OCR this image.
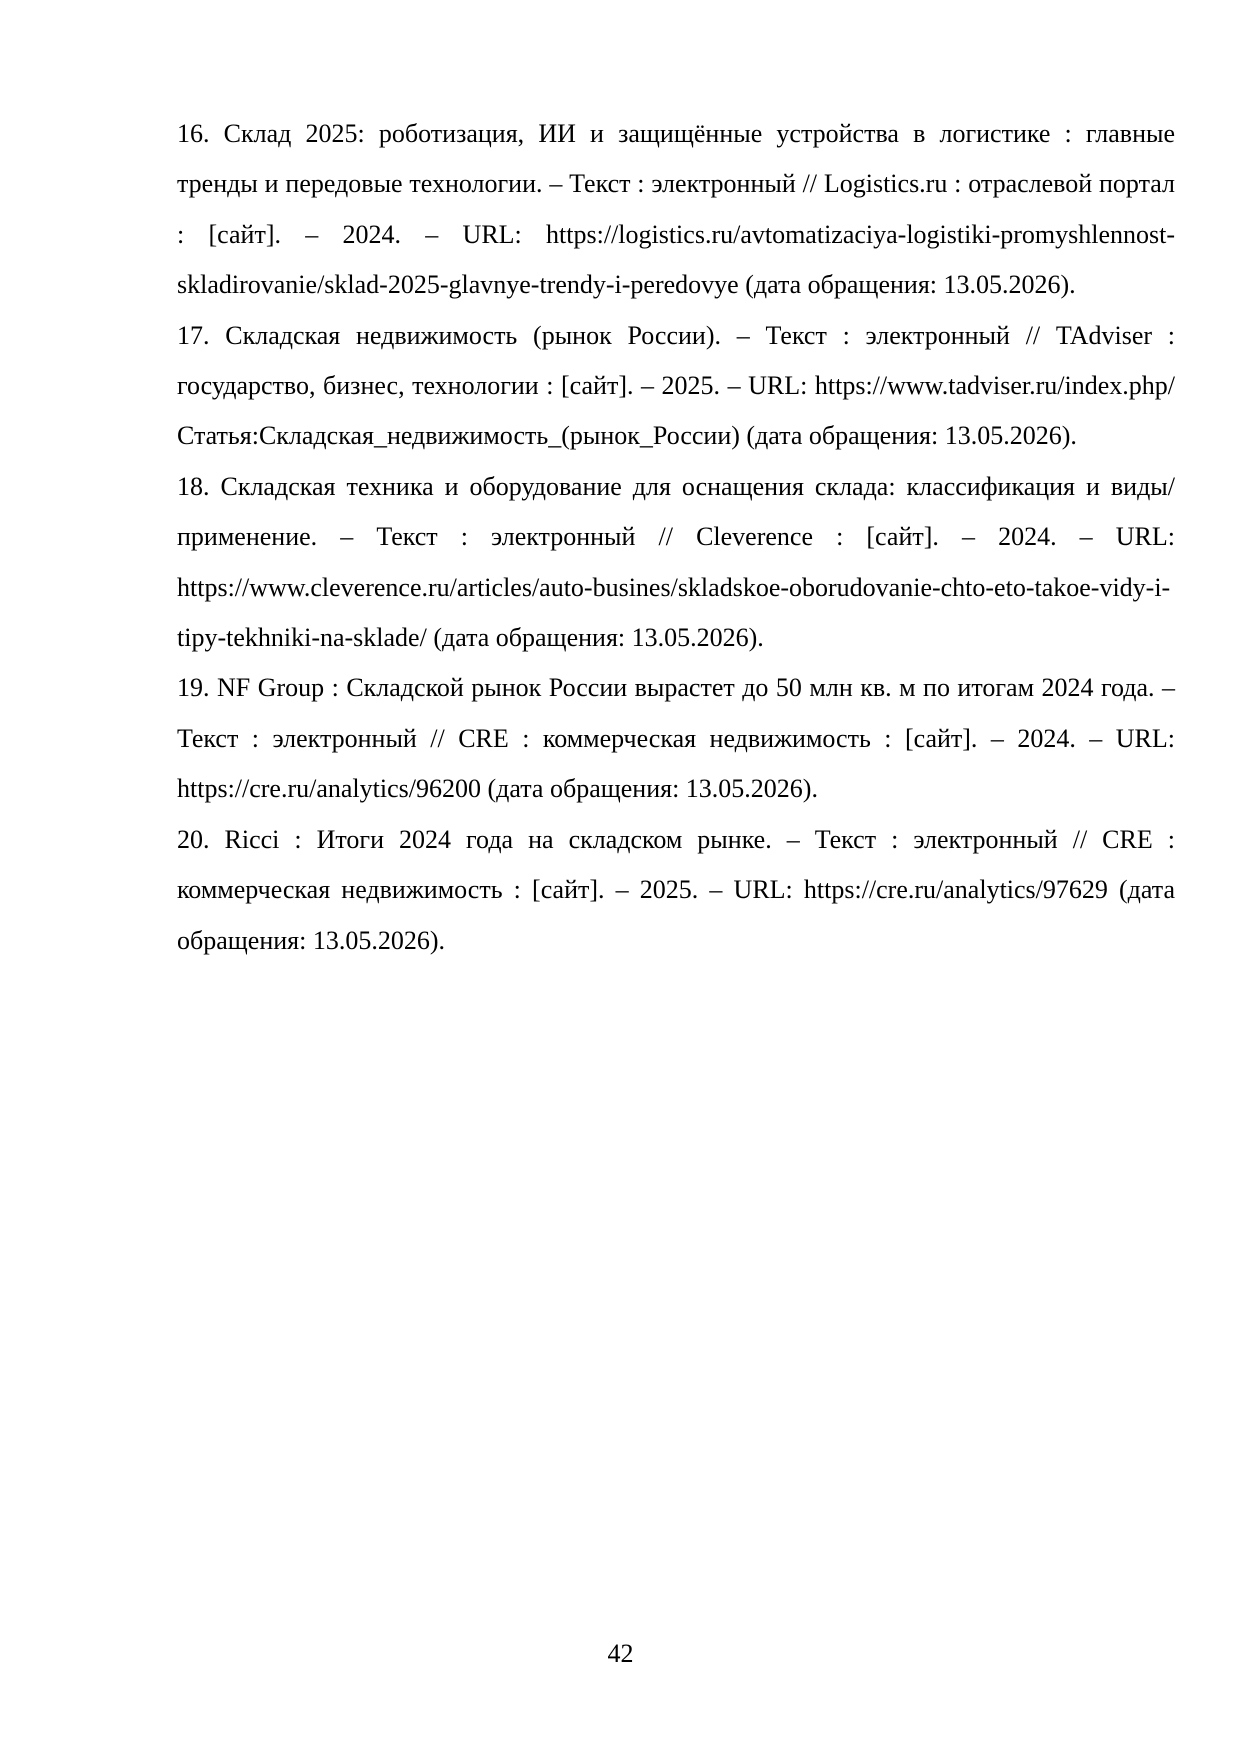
16. Склад 2025: роботизация, ИИ и защищённые устройства в логистике : главные тренды и передовые технологии. – Текст : электронный // Logistics.ru : отраслевой портал : [сайт]. – 2024. – URL: https://logistics.ru/avtomatizaciya-logistiki-promyshlennost-skladirovanie/sklad-2025-glavnye-trendy-i-peredovye (дата обращения: 13.05.2026).

17. Складская недвижимость (рынок России). – Текст : электронный // TAdviser : государство, бизнес, технологии : [сайт]. – 2025. – URL: https://www.tadviser.ru/index.php/Статья:Складская_недвижимость_(рынок_России) (дата обращения: 13.05.2026).

18. Складская техника и оборудование для оснащения склада: классификация и виды/применение. – Текст : электронный // Cleverence : [сайт]. – 2024. – URL: https://www.cleverence.ru/articles/auto-busines/skladskoe-oborudovanie-chto-eto-takoe-vidy-i-tipy-tekhniki-na-sklade/ (дата обращения: 13.05.2026).

19. NF Group : Складской рынок России вырастет до 50 млн кв. м по итогам 2024 года. – Текст : электронный // CRE : коммерческая недвижимость : [сайт]. – 2024. – URL: https://cre.ru/analytics/96200 (дата обращения: 13.05.2026).

20. Ricci : Итоги 2024 года на складском рынке. – Текст : электронный // CRE : коммерческая недвижимость : [сайт]. – 2025. – URL: https://cre.ru/analytics/97629 (дата обращения: 13.05.2026).

42
